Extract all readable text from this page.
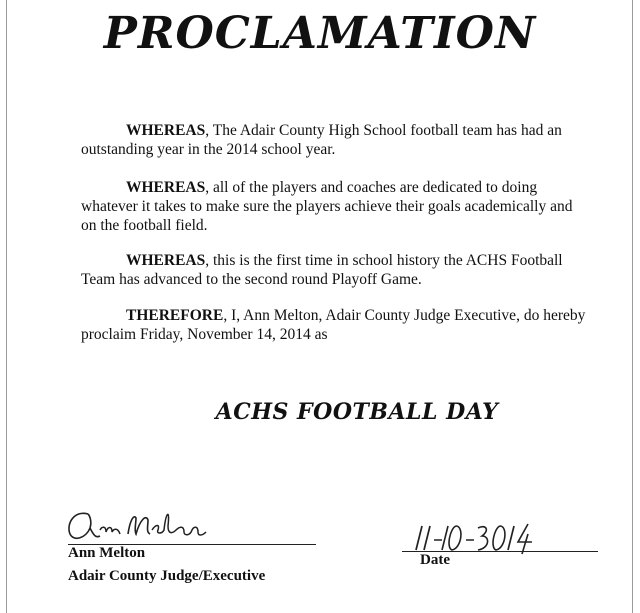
PROCLAMATION

WHEREAS, The Adair County High School football team has had an outstanding year in the 2014 school year.

WHEREAS, all of the players and coaches are dedicated to doing whatever it takes to make sure the players achieve their goals academically and on the football field.

WHEREAS, this is the first time in school history the ACHS Football Team has advanced to the second round Playoff Game.

THEREFORE, I, Ann Melton, Adair County Judge Executive, do hereby proclaim Friday, November 14, 2014 as

ACHS FOOTBALL DAY
Ann Melton
Adair County Judge/Executive
Date
